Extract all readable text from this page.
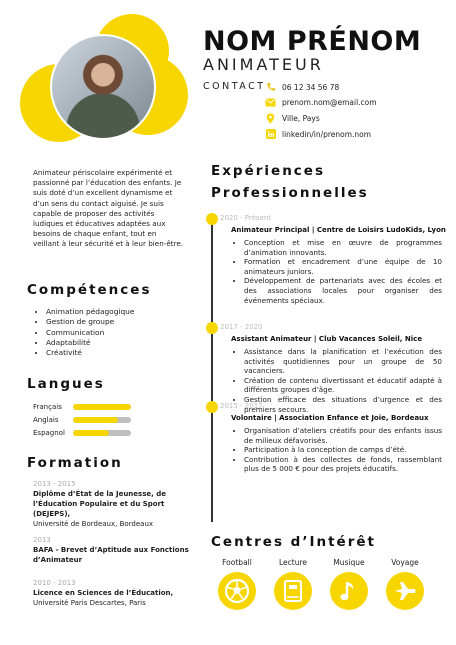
NOM PRÉNOM
ANIMATEUR
CONTACT 06 12 34 56 78
prenom.nom@email.com
Ville, Pays
linkedin/in/prenom.nom
Animateur périscolaire expérimenté et passionné par l’éducation des enfants. Je suis doté d’un excellent dynamisme et d’un sens du contact aiguisé. Je suis capable de proposer des activités ludiques et éducatives adaptées aux besoins de chaque enfant, tout en veillant à leur sécurité et à leur bien-être.
Compétences
• Animation pédagogique
• Gestion de groupe
• Communication
• Adaptabilité
• Créativité
Langues
Français
Anglais
Espagnol
Formation
2013 - 2015
Diplôme d’État de la Jeunesse, de l’Éducation Populaire et du Sport (DEJEPS),
Université de Bordeaux, Bordeaux
2013
BAFA - Brevet d’Aptitude aux Fonctions d’Animateur
2010 - 2013
Licence en Sciences de l’Éducation,
Université Paris Descartes, Paris
Expériences
Professionnelles
2020 - Présent
Animateur Principal | Centre de Loisirs LudoKids, Lyon
• Conception et mise en œuvre de programmes d’animation innovants.
• Formation et encadrement d’une équipe de 10 animateurs juniors.
• Développement de partenariats avec des écoles et des associations locales pour organiser des événements spéciaux.
2017 - 2020
Assistant Animateur | Club Vacances Soleil, Nice
• Assistance dans la planification et l’exécution des activités quotidiennes pour un groupe de 50 vacanciers.
• Création de contenu divertissant et éducatif adapté à différents groupes d’âge.
• Gestion efficace des situations d’urgence et des premiers secours.
2015 - 2017
Volontaire | Association Enfance et Joie, Bordeaux
• Organisation d’ateliers créatifs pour des enfants issus de milieux défavorisés.
• Participation à la conception de camps d’été.
• Contribution à des collectes de fonds, rassemblant plus de 5 000 € pour des projets éducatifs.
Centres d’Intérêt
Football	Lecture	Musique	Voyage
